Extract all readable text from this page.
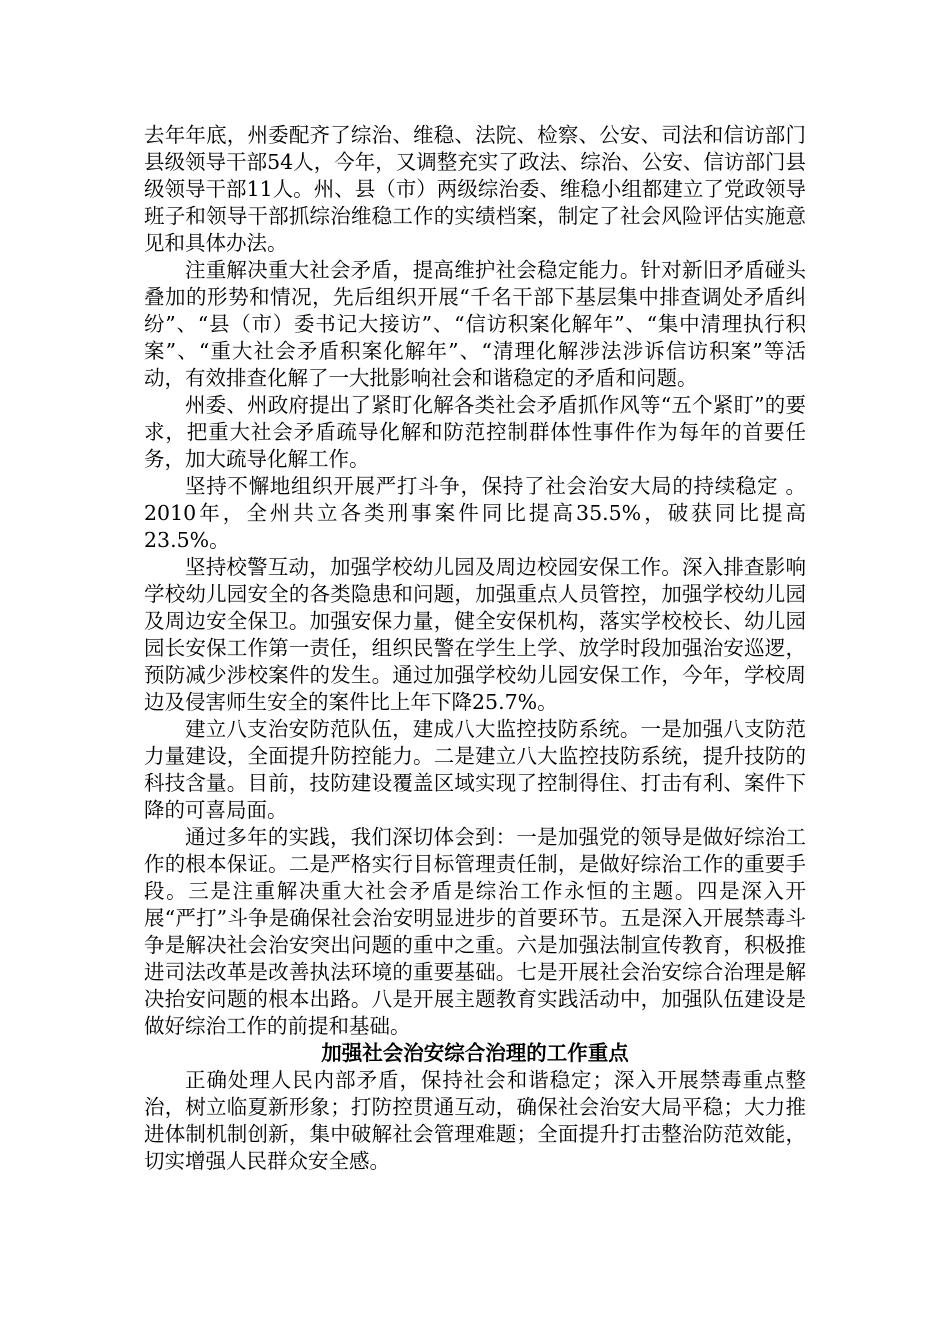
去年年底，州委配齐了综治、维稳、法院、检察、公安、司法和信访部门县级领导干部54人，今年，又调整充实了政法、综治、公安、信访部门县级领导干部11人。州、县（市）两级综治委、维稳小组都建立了党政领导班子和领导干部抓综治维稳工作的实绩档案，制定了社会风险评估实施意见和具体办法。

注重解决重大社会矛盾，提高维护社会稳定能力。针对新旧矛盾碰头叠加的形势和情况，先后组织开展“千名干部下基层集中排查调处矛盾纠纷”、“县（市）委书记大接访”、“信访积案化解年”、“集中清理执行积案”、“重大社会矛盾积案化解年”、“清理化解涉法涉诉信访积案”等活动，有效排查化解了一大批影响社会和谐稳定的矛盾和问题。

州委、州政府提出了紧盯化解各类社会矛盾抓作风等“五个紧盯”的要求，把重大社会矛盾疏导化解和防范控制群体性事件作为每年的首要任务，加大疏导化解工作。

坚持不懈地组织开展严打斗争，保持了社会治安大局的持续稳定 。2010年，全州共立各类刑事案件同比提高35.5%，破获同比提高23.5%。

坚持校警互动，加强学校幼儿园及周边校园安保工作。深入排查影响学校幼儿园安全的各类隐患和问题，加强重点人员管控，加强学校幼儿园及周边安全保卫。加强安保力量，健全安保机构，落实学校校长、幼儿园园长安保工作第一责任，组织民警在学生上学、放学时段加强治安巡逻，预防减少涉校案件的发生。通过加强学校幼儿园安保工作，今年，学校周边及侵害师生安全的案件比上年下降25.7%。

建立八支治安防范队伍，建成八大监控技防系统。一是加强八支防范力量建设，全面提升防控能力。二是建立八大监控技防系统，提升技防的科技含量。目前，技防建设覆盖区域实现了控制得住、打击有利、案件下降的可喜局面。

通过多年的实践，我们深切体会到：一是加强党的领导是做好综治工作的根本保证。二是严格实行目标管理责任制，是做好综治工作的重要手段。三是注重解决重大社会矛盾是综治工作永恒的主题。四是深入开展“严打”斗争是确保社会治安明显进步的首要环节。五是深入开展禁毒斗争是解决社会治安突出问题的重中之重。六是加强法制宣传教育，积极推进司法改革是改善执法环境的重要基础。七是开展社会治安综合治理是解决抬安问题的根本出路。八是开展主题教育实践活动中，加强队伍建设是做好综治工作的前提和基础。

加强社会治安综合治理的工作重点

正确处理人民内部矛盾，保持社会和谐稳定；深入开展禁毒重点整治，树立临夏新形象；打防控贯通互动，确保社会治安大局平稳；大力推进体制机制创新，集中破解社会管理难题；全面提升打击整治防范效能，切实增强人民群众安全感。
